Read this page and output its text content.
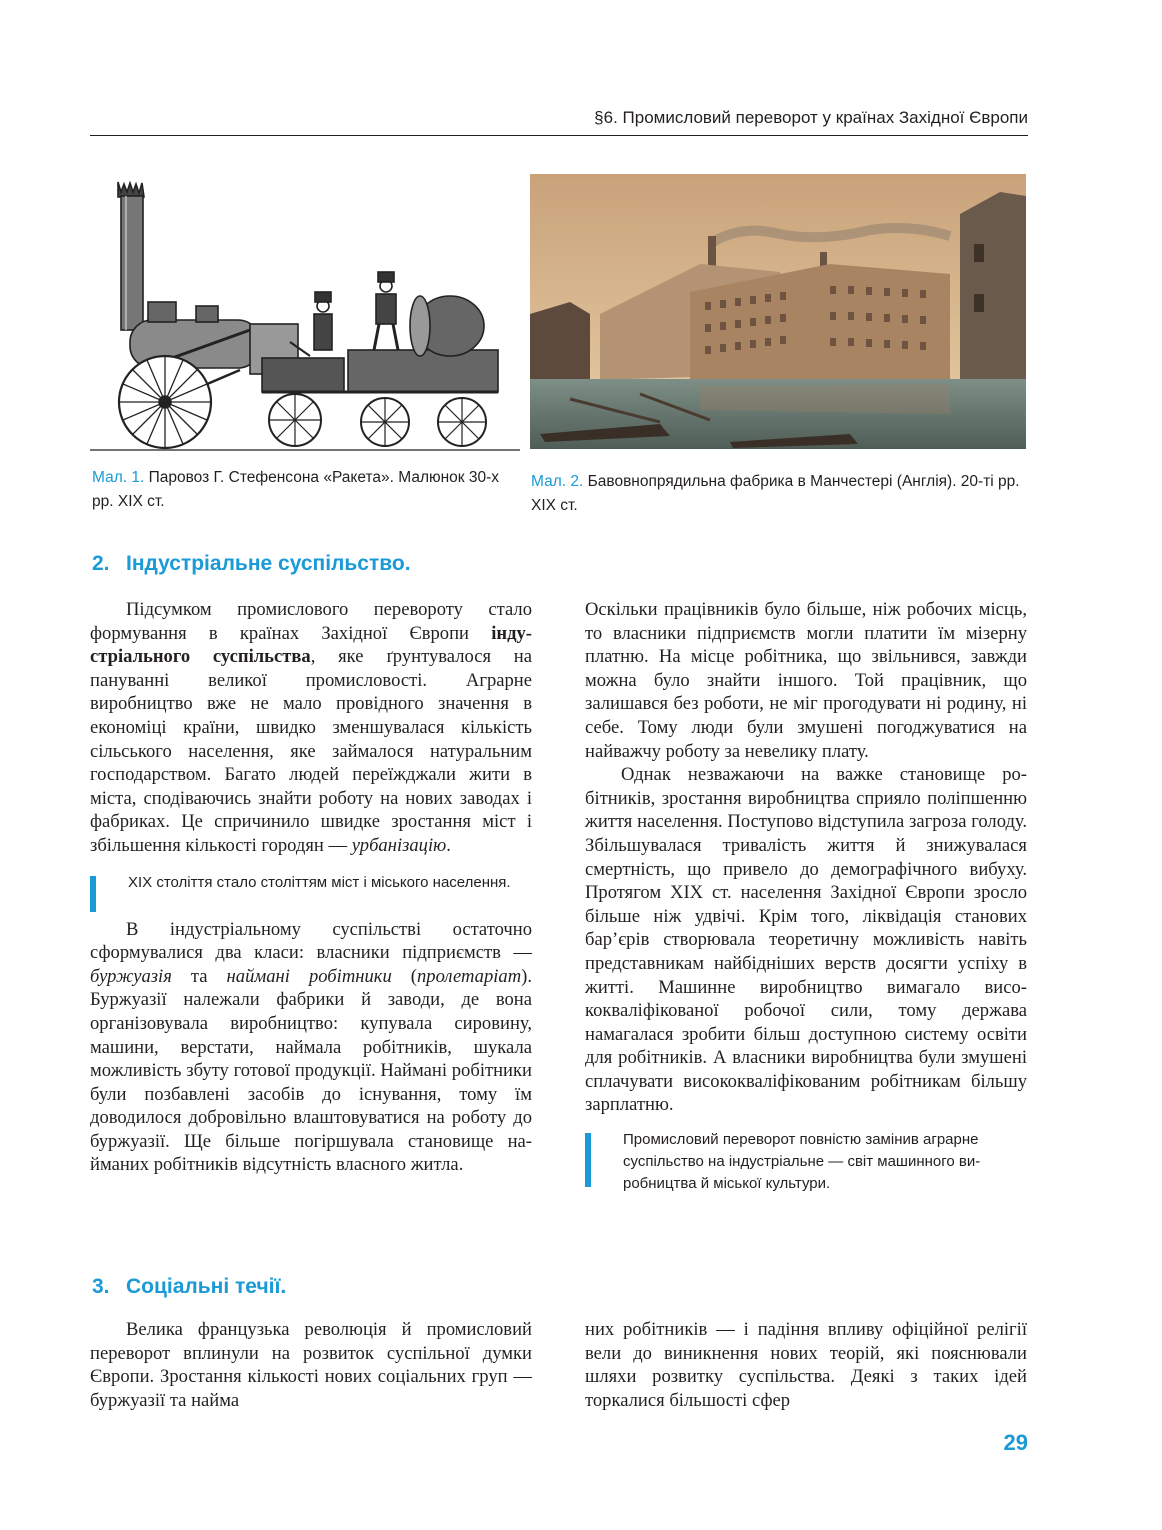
§6. Промисловий переворот у країнах Західної Європи
Мал. 1. Паровоз Г. Стефенсона «Ракета». Малюнок 30-х рр. XIX ст.
Мал. 2. Бавовнопрядильна фабрика в Манчестері (Англія). 20-ті рр. XIX ст.
2. Індустріальне суспільство.

Підсумком промислового перевороту стало формування в країнах Західної Європи індустріального суспільства, яке ґрунтувалося на пануванні великої промисловості. Аграрне виробництво вже не мало провідного значення в економіці країни, швидко зменшувалася кількість сільського населення, яке займалося натуральним господарством. Багато людей переїжджали жити в міста, сподіваючись знайти роботу на нових заводах і фабриках. Це спричинило швидке зростання міст і збільшення кількості городян — урбанізацію.

XIX століття стало століттям міст і міського населення.

В індустріальному суспільстві остаточно сформувалися два класи: власники підприємств — буржуазія та наймані робітники (пролетаріат). Буржуазії належали фабрики й заводи, де вона організовувала виробництво: купувала сировину, машини, верстати, наймала робітників, шукала можливість збуту готової продукції. Наймані робітники були позбавлені засобів до існування, тому їм доводилося добровільно влаштовуватися на роботу до буржуазії. Ще більше погіршувала становище найманих робітників відсутність власного житла.

Оскільки працівників було більше, ніж робочих місць, то власники підприємств могли платити їм мізерну платню. На місце робітника, що звільнився, завжди можна було знайти іншого. Той працівник, що залишався без роботи, не міг прогодувати ні родину, ні себе. Тому люди були змушені погоджуватися на найважчу роботу за невелику плату.

Однак незважаючи на важке становище робітників, зростання виробництва сприяло поліпшенню життя населення. Поступово відступила загроза голоду. Збільшувалася тривалість життя й знижувалася смертність, що привело до демографічного вибуху. Протягом XIX ст. населення Західної Європи зросло більше ніж удвічі. Крім того, ліквідація станових бар’єрів створювала теоретичну можливість навіть представникам найбідніших верств досягти успіху в житті. Машинне виробництво вимагало висококваліфікованої робочої сили, тому держава намагалася зробити більш доступною систему освіти для робітників. А власники виробництва були змушені сплачувати висококваліфікованим робітникам більшу зарплатню.

Промисловий переворот повністю замінив аграрне суспільство на індустріальне — світ машинного виробництва й міської культури.
3. Соціальні течії.

Велика французька революція й промисловий переворот вплинули на розвиток суспільної думки Європи. Зростання кількості нових соціальних груп — буржуазії та найма

них робітників — і падіння впливу офіційної релігії вели до виникнення нових теорій, які пояснювали шляхи розвитку суспільства. Деякі з таких ідей торкалися більшості сфер

29
